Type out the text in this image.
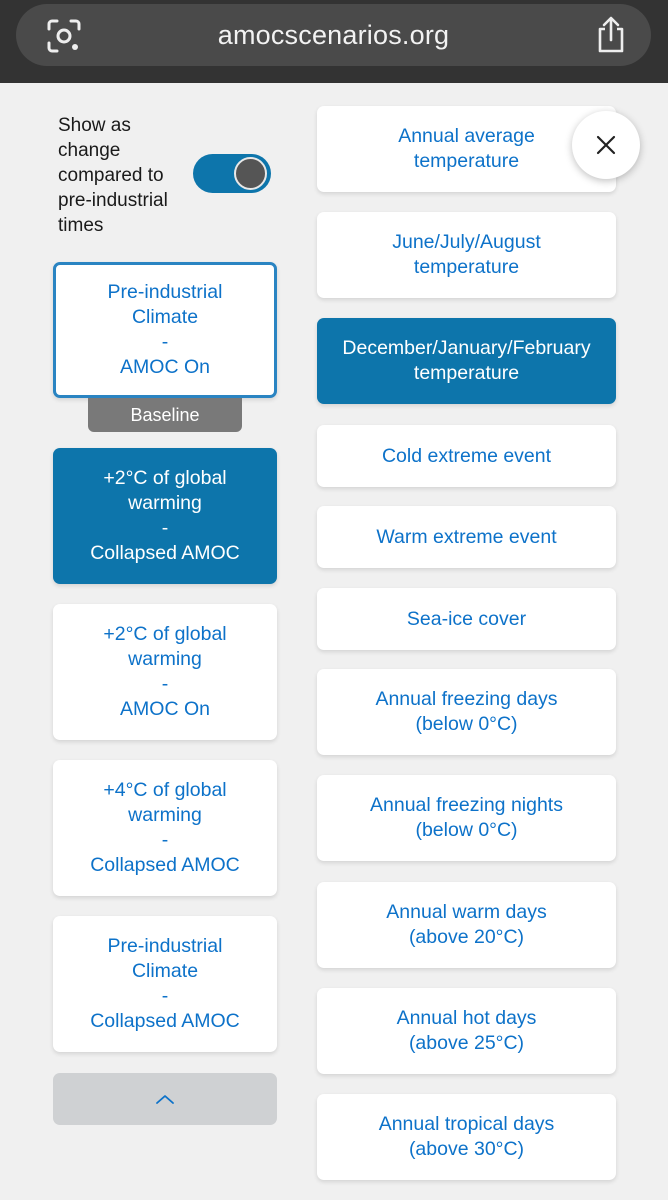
amocscenarios.org
Show as change compared to pre-industrial times
Pre-industrial
Climate
-
AMOC On
Baseline
+2°C of global
warming
-
Collapsed AMOC
+2°C of global
warming
-
AMOC On
+4°C of global
warming
-
Collapsed AMOC
Pre-industrial
Climate
-
Collapsed AMOC
Annual average
temperature
June/July/August
temperature
December/January/February
temperature
Cold extreme event
Warm extreme event
Sea-ice cover
Annual freezing days
(below 0°C)
Annual freezing nights
(below 0°C)
Annual warm days
(above 20°C)
Annual hot days
(above 25°C)
Annual tropical days
(above 30°C)
